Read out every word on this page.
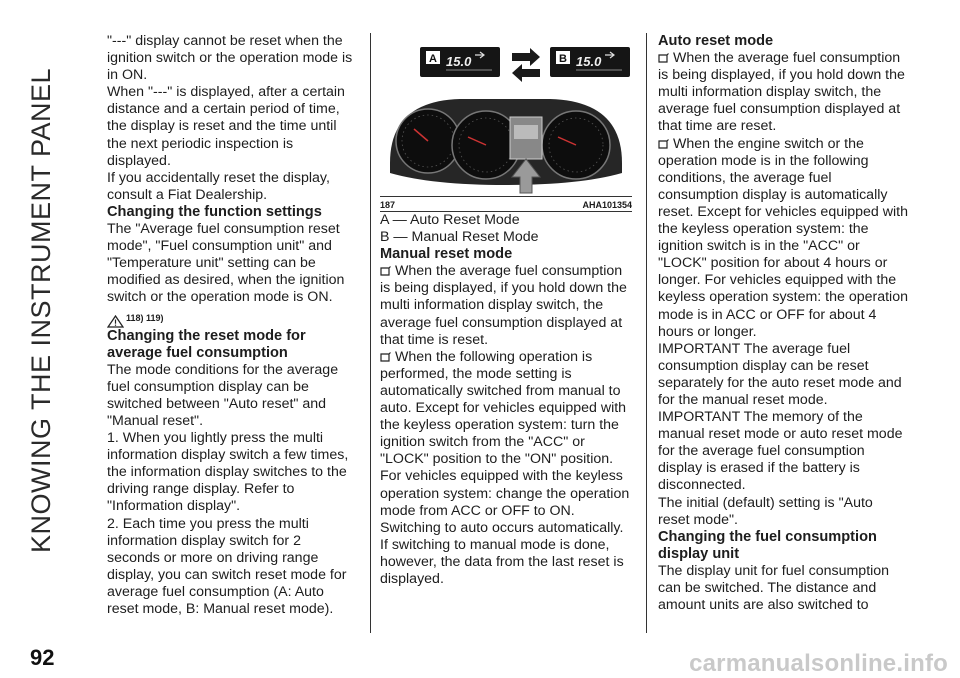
KNOWING THE INSTRUMENT PANEL

"---" display cannot be reset when the ignition switch or the operation mode is in ON.

When "---" is displayed, after a certain distance and a certain period of time, the display is reset and the time until the next periodic inspection is displayed.

If you accidentally reset the display, consult a Fiat Dealership.

Changing the function settings

The "Average fuel consumption reset mode", "Fuel consumption unit" and "Temperature unit" setting can be modified as desired, when the ignition switch or the operation mode is ON.

118) 119)
Changing the reset mode for average fuel consumption

The mode conditions for the average fuel consumption display can be switched between "Auto reset" and "Manual reset".

1. When you lightly press the multi information display switch a few times, the information display switches to the driving range display. Refer to "Information display".

2. Each time you press the multi information display switch for 2 seconds or more on driving range display, you can switch reset mode for average fuel consumption (A: Auto reset mode, B: Manual reset mode).

A 15.0	B 15.0
187	AHA101354

A — Auto Reset Mode

B — Manual Reset Mode

Manual reset mode

When the average fuel consumption is being displayed, if you hold down the multi information display switch, the average fuel consumption displayed at that time is reset.

When the following operation is performed, the mode setting is automatically switched from manual to auto. Except for vehicles equipped with the keyless operation system: turn the ignition switch from the "ACC" or "LOCK" position to the "ON" position.

For vehicles equipped with the keyless operation system: change the operation mode from ACC or OFF to ON.

Switching to auto occurs automatically. If switching to manual mode is done, however, the data from the last reset is displayed.

Auto reset mode

When the average fuel consumption is being displayed, if you hold down the multi information display switch, the average fuel consumption displayed at that time are reset.

When the engine switch or the operation mode is in the following conditions, the average fuel consumption display is automatically reset. Except for vehicles equipped with the keyless operation system: the ignition switch is in the "ACC" or "LOCK" position for about 4 hours or longer. For vehicles equipped with the keyless operation system: the operation mode is in ACC or OFF for about 4 hours or longer.

IMPORTANT The average fuel consumption display can be reset separately for the auto reset mode and for the manual reset mode.

IMPORTANT The memory of the manual reset mode or auto reset mode for the average fuel consumption display is erased if the battery is disconnected.

The initial (default) setting is "Auto reset mode".

Changing the fuel consumption display unit

The display unit for fuel consumption can be switched. The distance and amount units are also switched to

92	carmanualsonline.info
